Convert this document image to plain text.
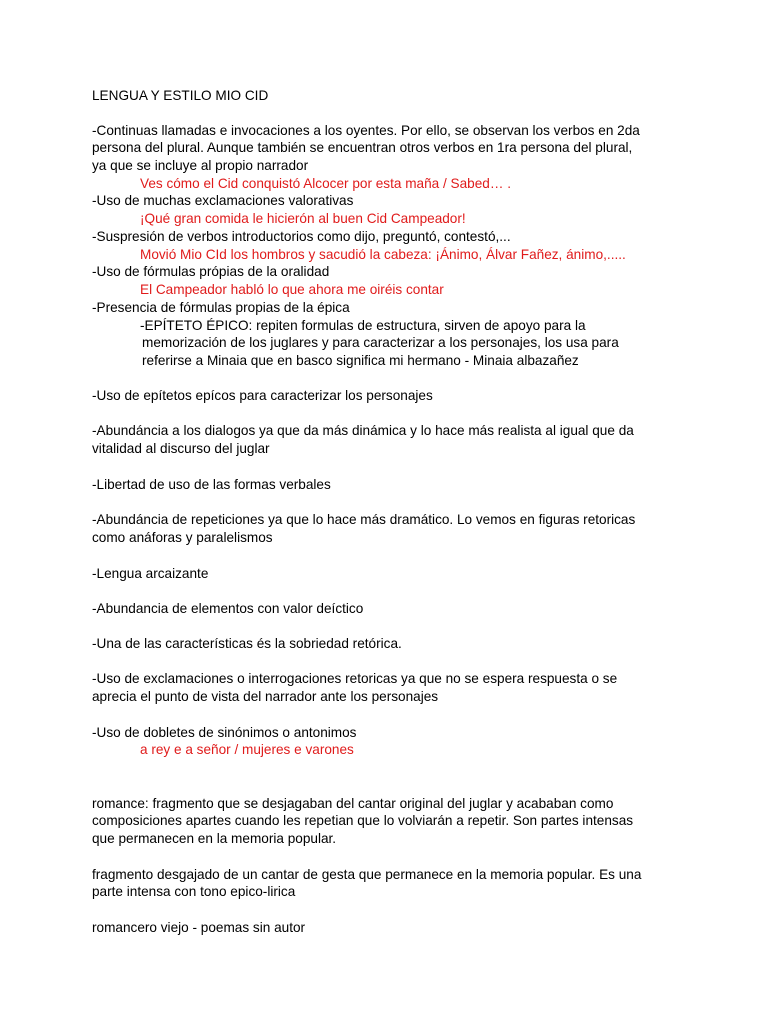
LENGUA Y ESTILO MIO CID
-Continuas llamadas e invocaciones a los oyentes. Por ello, se observan los verbos en 2da
persona del plural. Aunque también se encuentran otros verbos en 1ra persona del plural,
ya que se incluye al propio narrador
Ves cómo el Cid conquistó Alcocer por esta maña / Sabed… .
-Uso de muchas exclamaciones valorativas
¡Qué gran comida le hicierón al buen Cid Campeador!
-Suspresión de verbos introductorios como dijo, preguntó, contestó,...
Movió Mio CId los hombros y sacudió la cabeza: ¡Ánimo, Álvar Fañez, ánimo,.....
-Uso de fórmulas própias de la oralidad
El Campeador habló lo que ahora me oiréis contar
-Presencia de fórmulas propias de la épica
-EPÍTETO ÉPICO: repiten formulas de estructura, sirven de apoyo para la
memorización de los juglares y para caracterizar a los personajes, los usa para
referirse a Minaia que en basco significa mi hermano - Minaia albazañez
-Uso de epítetos epícos para caracterizar los personajes
-Abundáncia a los dialogos ya que da más dinámica y lo hace más realista al igual que da
vitalidad al discurso del juglar
-Libertad de uso de las formas verbales
-Abundáncia de repeticiones ya que lo hace más dramático. Lo vemos en figuras retoricas
como anáforas y paralelismos
-Lengua arcaizante
-Abundancia de elementos con valor deíctico
-Una de las características és la sobriedad retórica.
-Uso de exclamaciones o interrogaciones retoricas ya que no se espera respuesta o se
aprecia el punto de vista del narrador ante los personajes
-Uso de dobletes de sinónimos o antonimos
a rey e a señor / mujeres e varones
romance: fragmento que se desjagaban del cantar original del juglar y acababan como
composiciones apartes cuando les repetian que lo volviarán a repetir. Son partes intensas
que permanecen en la memoria popular.
fragmento desgajado de un cantar de gesta que permanece en la memoria popular. Es una
parte intensa con tono epico-lirica
romancero viejo - poemas sin autor
